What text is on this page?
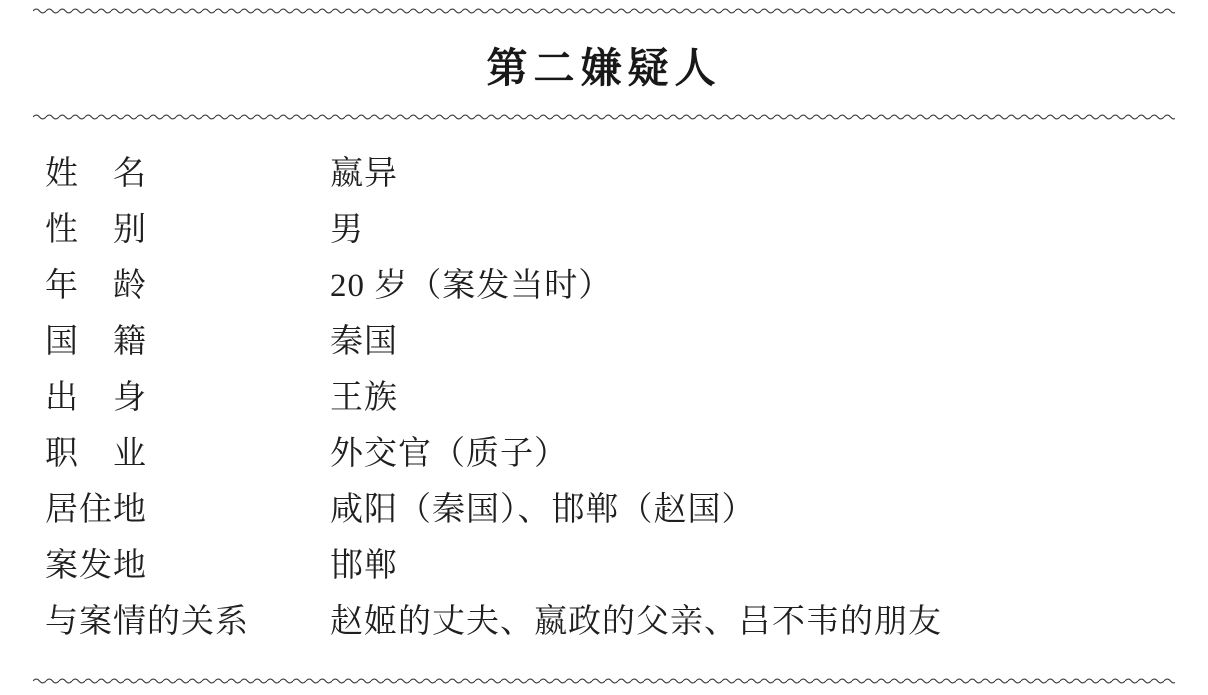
第二嫌疑人
姓　名	嬴异
性　别	男
年　龄	20 岁（案发当时）
国　籍	秦国
出　身	王族
职　业	外交官（质子）
居住地	咸阳（秦国）、邯郸（赵国）
案发地	邯郸
与案情的关系	赵姬的丈夫、嬴政的父亲、吕不韦的朋友
